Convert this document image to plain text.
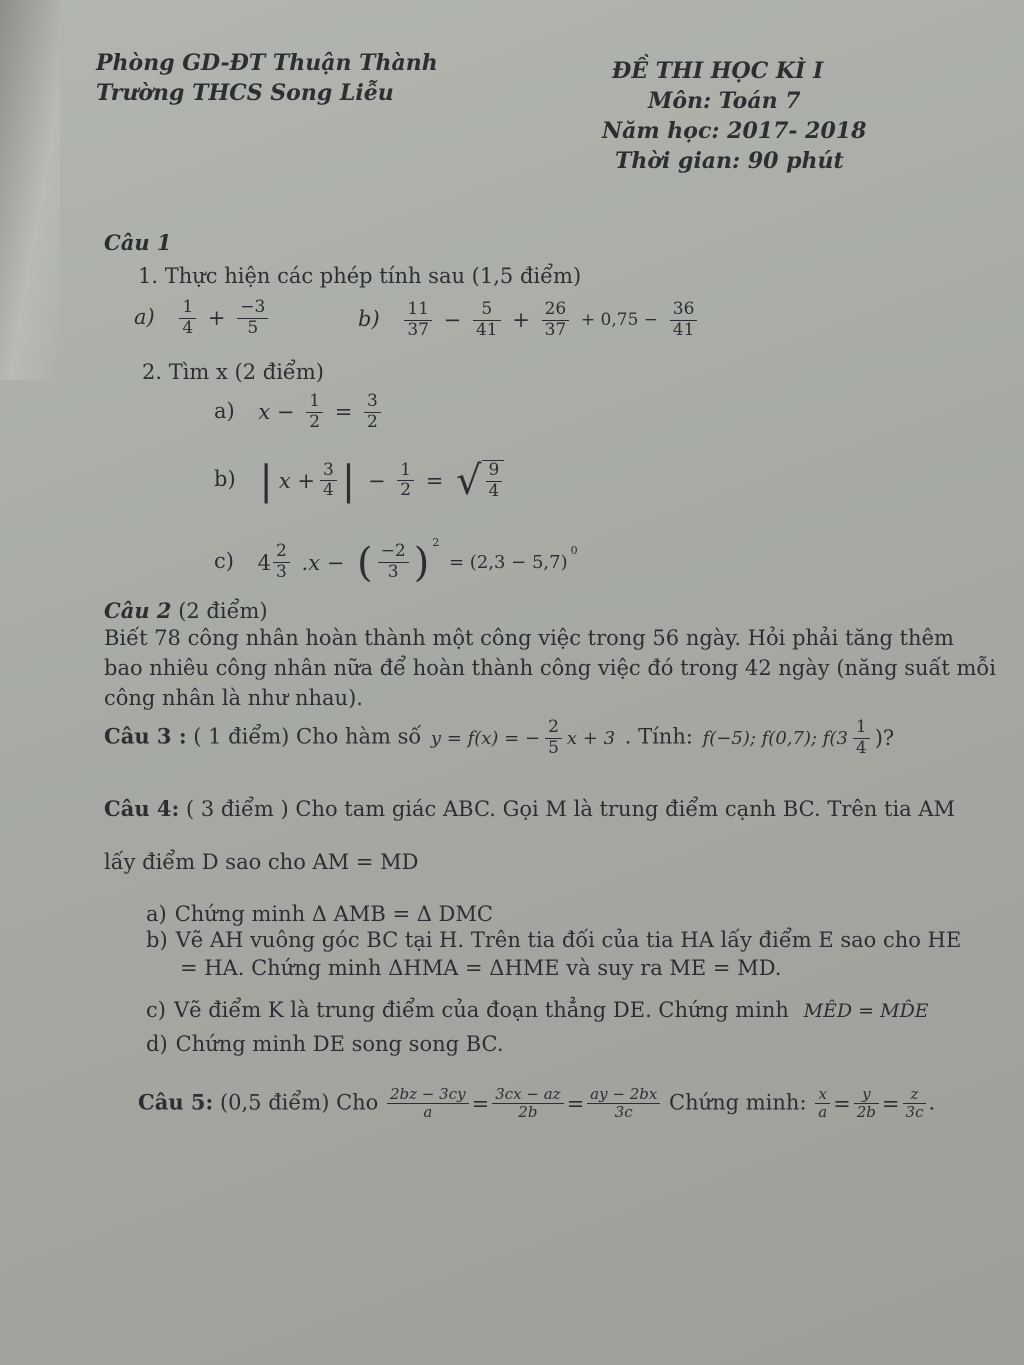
Phòng GD-ĐT Thuận Thành
Trường THCS Song Liễu
ĐỀ THI HỌC KÌ I
Môn: Toán 7
Năm học: 2017- 2018
Thời gian: 90 phút
Câu 1
1. Thực hiện các phép tính sau (1,5 điểm)
$a) \frac{1}{4} + \frac{-3}{5}$	$b) \frac{11}{37} - \frac{5}{41} + \frac{26}{37} + 0,75 - \frac{36}{41}$
2. Tìm x (2 điểm)
a) $x - \frac{1}{2} = \frac{3}{2}$
b) | $x + \frac{3}{4}$ | − $\frac{1}{2}$ = √ $\frac{9}{4}$
c) $4 \frac{2}{3} .x$ − ( $\frac{-2}{3}$ ) $^2 = (2,3 - 5,7)^0$
Câu 2 (2 điểm)
Biết 78 công nhân hoàn thành một công việc trong 56 ngày. Hỏi phải tăng thêm
bao nhiêu công nhân nữa để hoàn thành công việc đó trong 42 ngày (năng suất mỗi
công nhân là như nhau).
Câu 3 : ( 1 điểm) Cho hàm số y = f(x) = − $\frac{2}{5}$ x + 3 . Tính: f(−5); f(0,7); $f(3 \frac{1}{4}$ )?
Câu 4: ( 3 điểm ) Cho tam giác ABC. Gọi M là trung điểm cạnh BC. Trên tia AM
lấy điểm D sao cho AM = MD
a) Chứng minh Δ AMB = Δ DMC
b) Vẽ AH vuông góc BC tại H. Trên tia đối của tia HA lấy điểm E sao cho HE
= HA. Chứng minh ΔHMA = ΔHME và suy ra ME = MD.
c) Vẽ điểm K là trung điểm của đoạn thẳng DE. Chứng minh MÊD = MD̂E
d) Chứng minh DE song song BC.
Câu 5: (0,5 điểm) Cho $\frac{2bz - 3cy}{a} = \frac{3cx - az}{2b} = \frac{ay - 2bx}{3c}$ Chứng minh: $\frac{x}{a} = \frac{y}{2b} = \frac{z}{3c}$ .
